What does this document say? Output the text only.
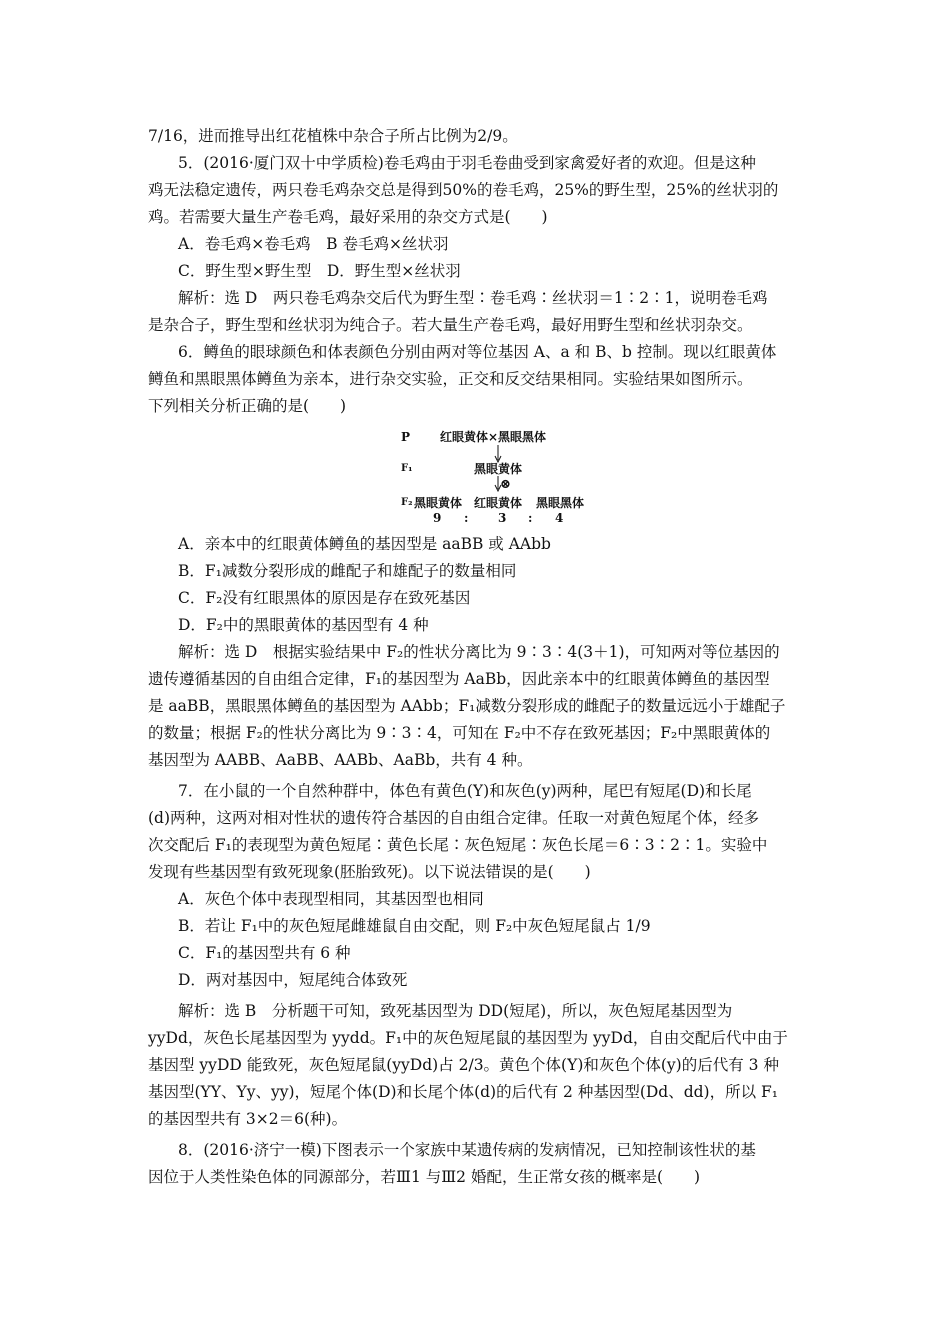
7/16，进而推导出红花植株中杂合子所占比例为2/9。
5．(2016·厦门双十中学质检)卷毛鸡由于羽毛卷曲受到家禽爱好者的欢迎。但是这种
鸡无法稳定遗传，两只卷毛鸡杂交总是得到50%的卷毛鸡，25%的野生型，25%的丝状羽的
鸡。若需要大量生产卷毛鸡，最好采用的杂交方式是(　　)
A．卷毛鸡×卷毛鸡　B 卷毛鸡×丝状羽
C．野生型×野生型　D．野生型×丝状羽
解析：选 D　两只卷毛鸡杂交后代为野生型∶卷毛鸡∶丝状羽＝1∶2∶1，说明卷毛鸡
是杂合子，野生型和丝状羽为纯合子。若大量生产卷毛鸡，最好用野生型和丝状羽杂交。
6．鳟鱼的眼球颜色和体表颜色分别由两对等位基因 A、a 和 B、b 控制。现以红眼黄体
鳟鱼和黑眼黑体鳟鱼为亲本，进行杂交实验，正交和反交结果相同。实验结果如图所示。
下列相关分析正确的是(　　)
P 红眼黄体×黑眼黑体
F₁	黑眼黄体
⊗
F₂ 黑眼黄体 红眼黄体 黑眼黑体
9 : 3 : 4
A．亲本中的红眼黄体鳟鱼的基因型是 aaBB 或 AAbb
B．F₁减数分裂形成的雌配子和雄配子的数量相同
C．F₂没有红眼黑体的原因是存在致死基因
D．F₂中的黑眼黄体的基因型有 4 种
解析：选 D　根据实验结果中 F₂的性状分离比为 9∶3∶4(3＋1)，可知两对等位基因的
遗传遵循基因的自由组合定律，F₁的基因型为 AaBb，因此亲本中的红眼黄体鳟鱼的基因型
是 aaBB，黑眼黑体鳟鱼的基因型为 AAbb；F₁减数分裂形成的雌配子的数量远远小于雄配子
的数量；根据 F₂的性状分离比为 9∶3∶4，可知在 F₂中不存在致死基因；F₂中黑眼黄体的
基因型为 AABB、AaBB、AABb、AaBb，共有 4 种。
7．在小鼠的一个自然种群中，体色有黄色(Y)和灰色(y)两种，尾巴有短尾(D)和长尾
(d)两种，这两对相对性状的遗传符合基因的自由组合定律。任取一对黄色短尾个体，经多
次交配后 F₁的表现型为黄色短尾∶黄色长尾∶灰色短尾∶灰色长尾＝6∶3∶2∶1。实验中
发现有些基因型有致死现象(胚胎致死)。以下说法错误的是(　　)
A．灰色个体中表现型相同，其基因型也相同
B．若让 F₁中的灰色短尾雌雄鼠自由交配，则 F₂中灰色短尾鼠占 1/9
C．F₁的基因型共有 6 种
D．两对基因中，短尾纯合体致死
解析：选 B　分析题干可知，致死基因型为 DD(短尾)，所以，灰色短尾基因型为
yyDd，灰色长尾基因型为 yydd。F₁中的灰色短尾鼠的基因型为 yyDd，自由交配后代中由于
基因型 yyDD 能致死，灰色短尾鼠(yyDd)占 2/3。黄色个体(Y)和灰色个体(y)的后代有 3 种
基因型(YY、Yy、yy)，短尾个体(D)和长尾个体(d)的后代有 2 种基因型(Dd、dd)，所以 F₁
的基因型共有 3×2＝6(种)。
8．(2016·济宁一模)下图表示一个家族中某遗传病的发病情况，已知控制该性状的基
因位于人类性染色体的同源部分，若Ⅲ1 与Ⅲ2 婚配，生正常女孩的概率是(　　)
